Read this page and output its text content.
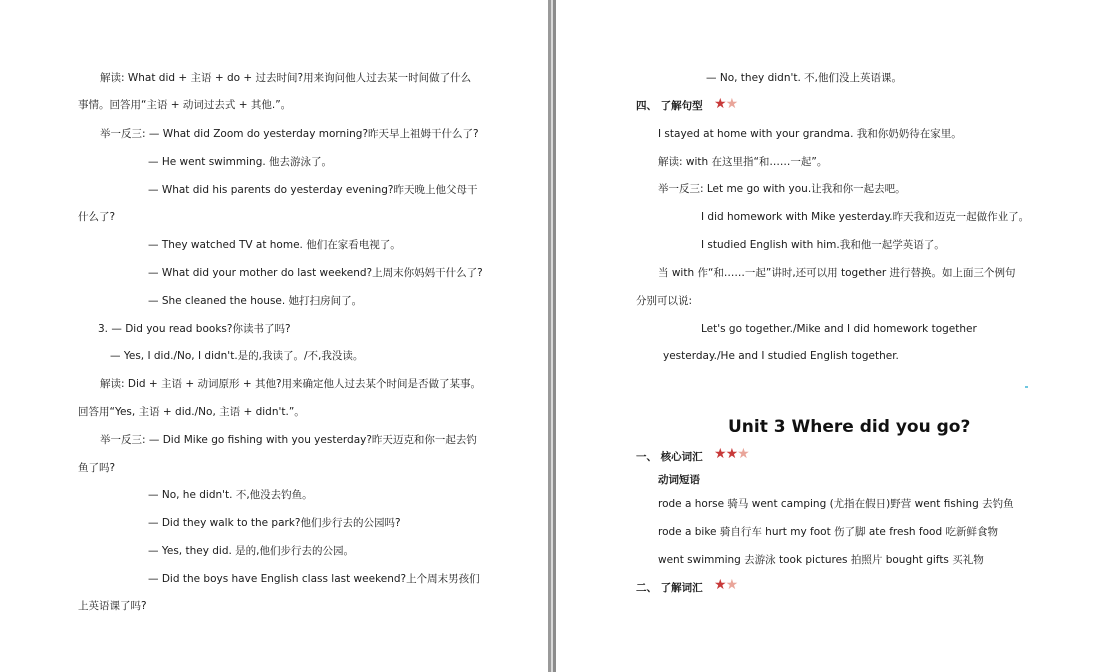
解读: What did + 主语 + do + 过去时间?用来询问他人过去某一时间做了什么
事情。回答用“主语 + 动词过去式 + 其他.”。
举一反三: — What did Zoom do yesterday morning?昨天早上祖姆干什么了?
— He went swimming. 他去游泳了。
— What did his parents do yesterday evening?昨天晚上他父母干
什么了?
— They watched TV at home. 他们在家看电视了。
— What did your mother do last weekend?上周末你妈妈干什么了?
— She cleaned the house. 她打扫房间了。
3. — Did you read books?你读书了吗?
— Yes, I did./No, I didn't.是的,我读了。/不,我没读。
解读: Did + 主语 + 动词原形 + 其他?用来确定他人过去某个时间是否做了某事。
回答用“Yes, 主语 + did./No, 主语 + didn't.”。
举一反三: — Did Mike go fishing with you yesterday?昨天迈克和你一起去钓
鱼了吗?
— No, he didn't. 不,他没去钓鱼。
— Did they walk to the park?他们步行去的公园吗?
— Yes, they did. 是的,他们步行去的公园。
— Did the boys have English class last weekend?上个周末男孩们
上英语课了吗?
— No, they didn't. 不,他们没上英语课。
四、 了解句型 ★★
I stayed at home with your grandma. 我和你奶奶待在家里。
解读: with 在这里指“和……一起”。
举一反三: Let me go with you.让我和你一起去吧。
I did homework with Mike yesterday.昨天我和迈克一起做作业了。
I studied English with him.我和他一起学英语了。
当 with 作“和……一起”讲时,还可以用 together 进行替换。如上面三个例句
分别可以说:
Let's go together./Mike and I did homework together
yesterday./He and I studied English together.
Unit 3 Where did you go?
一、 核心词汇 ★★★
动词短语
rode a horse 骑马 went camping (尤指在假日)野营 went fishing 去钓鱼
rode a bike 骑自行车 hurt my foot 伤了脚 ate fresh food 吃新鲜食物
went swimming 去游泳 took pictures 拍照片 bought gifts 买礼物
二、 了解词汇 ★★
